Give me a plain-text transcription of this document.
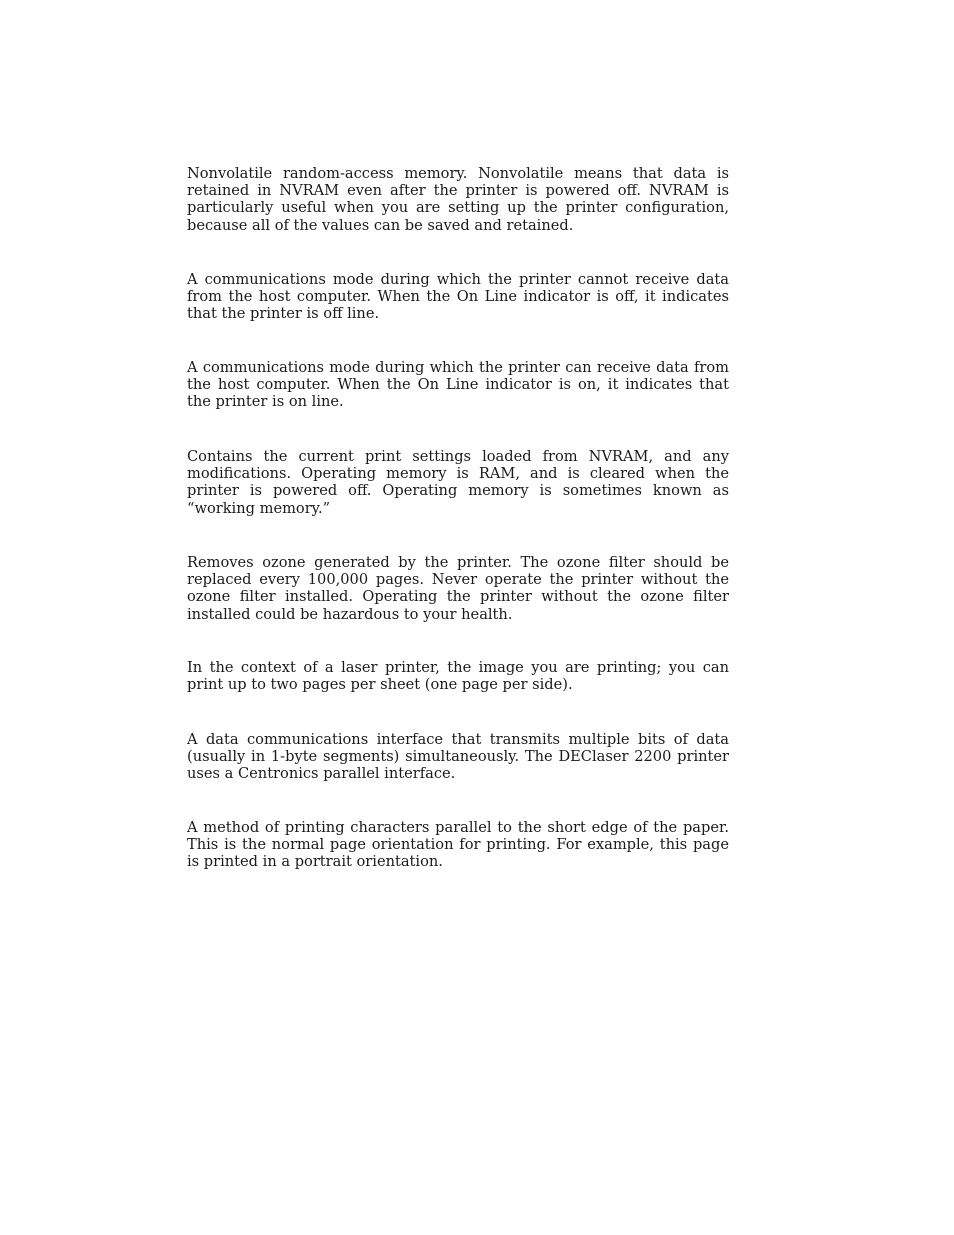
Nonvolatile random-access memory. Nonvolatile means that data is retained in NVRAM even after the printer is powered off. NVRAM is particularly useful when you are setting up the printer configuration, because all of the values can be saved and retained.

A communications mode during which the printer cannot receive data from the host computer. When the On Line indicator is off, it indicates that the printer is off line.

A communications mode during which the printer can receive data from the host computer. When the On Line indicator is on, it indicates that the printer is on line.

Contains the current print settings loaded from NVRAM, and any modifications. Operating memory is RAM, and is cleared when the printer is powered off. Operating memory is sometimes known as “working memory.”

Removes ozone generated by the printer. The ozone filter should be replaced every 100,000 pages. Never operate the printer without the ozone filter installed. Operating the printer without the ozone filter installed could be hazardous to your health.

In the context of a laser printer, the image you are printing; you can print up to two pages per sheet (one page per side).

A data communications interface that transmits multiple bits of data (usually in 1-byte segments) simultaneously. The DEClaser 2200 printer uses a Centronics parallel interface.

A method of printing characters parallel to the short edge of the paper. This is the normal page orientation for printing. For example, this page is printed in a portrait orientation.
